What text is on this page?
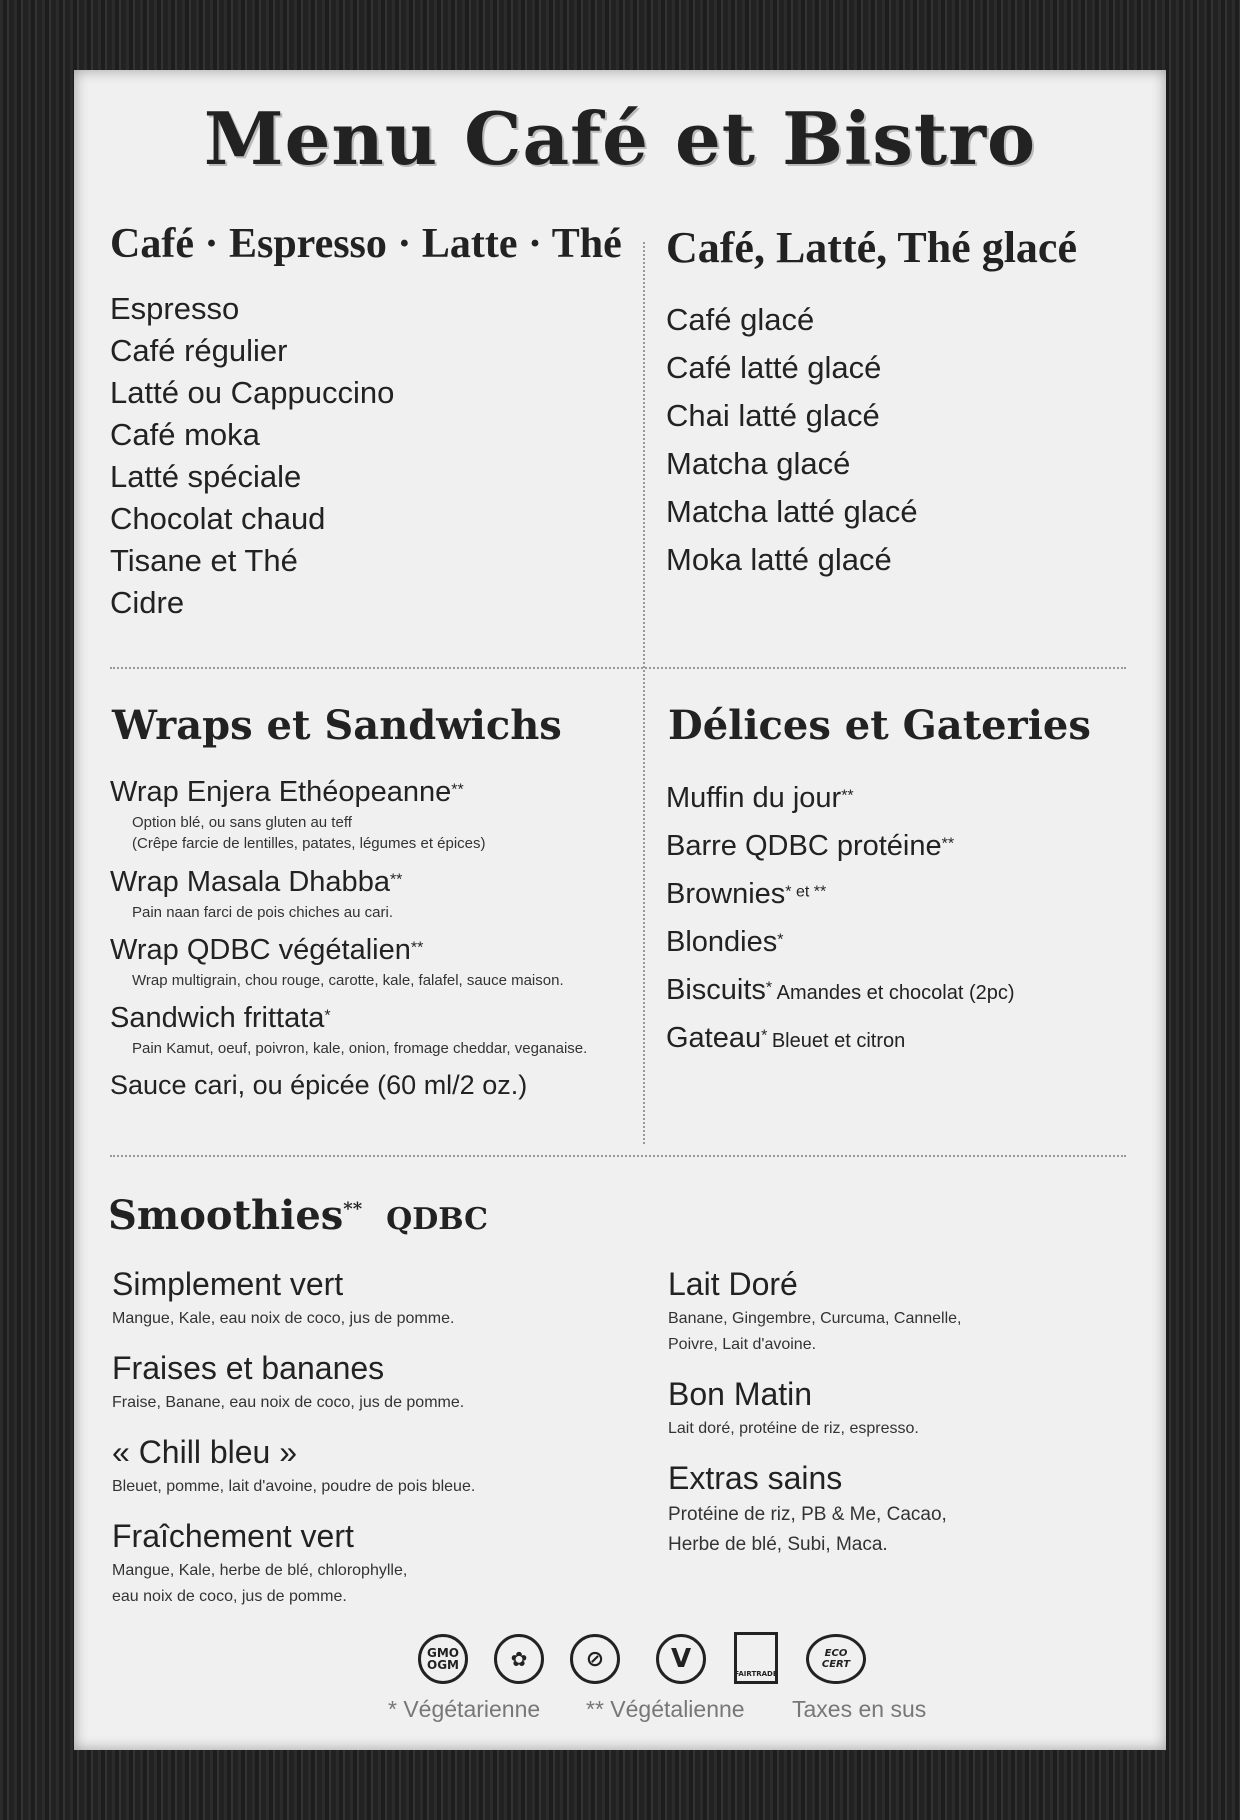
Menu Café et Bistro
Café · Espresso · Latte · Thé
Espresso
Café régulier
Latté ou Cappuccino
Café moka
Latté spéciale
Chocolat chaud
Tisane et Thé
Cidre
Café, Latté, Thé glacé
Café glacé
Café latté glacé
Chai latté glacé
Matcha glacé
Matcha latté glacé
Moka latté glacé
Wraps et Sandwichs
Wrap Enjera Ethéopeanne**
Option blé, ou sans gluten au teff
(Crêpe farcie de lentilles, patates, légumes et épices)
Wrap Masala Dhabba**
Pain naan farci de pois chiches au cari.
Wrap QDBC végétalien**
Wrap multigrain, chou rouge, carotte, kale, falafel, sauce maison.
Sandwich frittata*
Pain Kamut, oeuf, poivron, kale, onion, fromage cheddar, veganaise.
Sauce cari, ou épicée (60 ml/2 oz.)
Délices et Gateries
Muffin du jour**
Barre QDBC protéine**
Brownies$^{* et **}$
Blondies*
Biscuits* Amandes et chocolat (2pc)
Gateau* Bleuet et citron
Smoothies** QDBC
Simplement vert
Mangue, Kale, eau noix de coco, jus de pomme.
Fraises et bananes
Fraise, Banane, eau noix de coco, jus de pomme.
« Chill bleu »
Bleuet, pomme, lait d'avoine, poudre de pois bleue.
Fraîchement vert
Mangue, Kale, herbe de blé, chlorophylle,
eau noix de coco, jus de pomme.
Lait Doré
Banane, Gingembre, Curcuma, Cannelle,
Poivre, Lait d'avoine.
Bon Matin
Lait doré, protéine de riz, espresso.
Extras sains
Protéine de riz, PB & Me, Cacao,
Herbe de blé, Subi, Maca.
GMO OGM	✿	⊘	V	FAIRTRADE
ECO CERT
* Végétarienne ** Végétalienne Taxes en sus
